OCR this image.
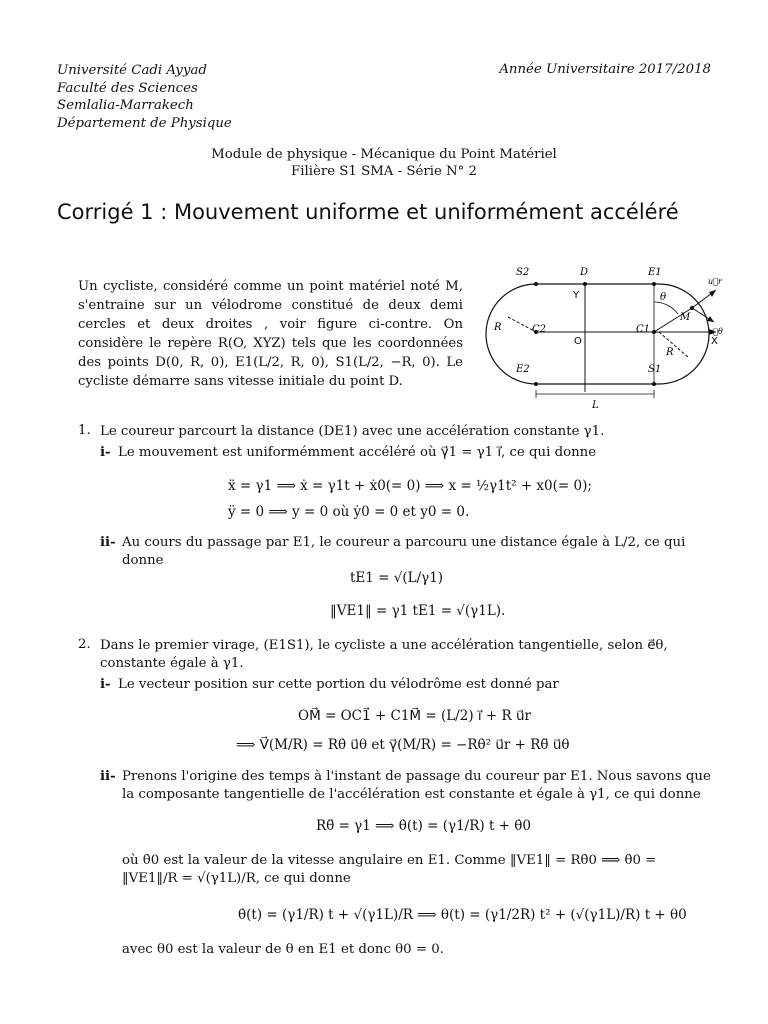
Université Cadi Ayyad
Faculté des Sciences
Semlalia-Marrakech
Département de Physique
Année Universitaire 2017/2018
Module de physique - Mécanique du Point Matériel
Filière S1 SMA - Série N° 2
Corrigé 1 : Mouvement uniforme et uniformément accéléré
Un cycliste, considéré comme un point matériel noté M, s'entraine sur un vélodrome constitué de deux demi cercles et deux droites , voir figure ci-contre. On considère le repère R(O, XYZ) tels que les coordonnées des points D(0, R, 0), E1(L/2, R, 0), S1(L/2, −R, 0). Le cycliste démarre sans vitesse initiale du point D.
S2	D	E1
Y	θ
M
R	C2
O
C1
X
R
E2	S1
L
u⃗r
u⃗θ
1. Le coureur parcourt la distance (DE1) avec une accélération constante γ1.
i- Le mouvement est uniformémment accéléré où γ⃗1 = γ1 i⃗, ce qui donne
ẍ = γ1 ⟹ ẋ = γ1t + ẋ0(= 0) ⟹ x = ½γ1t² + x0(= 0);
ÿ = 0 ⟹ y = 0 où ẏ0 = 0 et y0 = 0.
ii- Au cours du passage par E1, le coureur a parcouru une distance égale à L/2, ce qui donne
tE1 = √(L/γ1)
‖VE1‖ = γ1 tE1 = √(γ1L).
2. Dans le premier virage, (E1S1), le cycliste a une accélération tangentielle, selon e⃗θ, constante égale à γ1.
i- Le vecteur position sur cette portion du vélodrôme est donné par
OM⃗ = OC1⃗ + C1M⃗ = (L/2) i⃗ + R u⃗r
⟹ V⃗(M/R) = Rθ̇ u⃗θ et γ⃗(M/R) = −Rθ̇² u⃗r + Rθ̈ u⃗θ
ii- Prenons l'origine des temps à l'instant de passage du coureur par E1. Nous savons que la composante tangentielle de l'accélération est constante et égale à γ1, ce qui donne
Rθ̈ = γ1 ⟹ θ̇(t) = (γ1/R) t + θ̇0
où θ̇0 est la valeur de la vitesse angulaire en E1. Comme ‖VE1‖ = Rθ̇0 ⟹ θ̇0 = ‖VE1‖/R = √(γ1L)/R, ce qui donne
θ̇(t) = (γ1/R) t + √(γ1L)/R ⟹ θ(t) = (γ1/2R) t² + (√(γ1L)/R) t + θ0
avec θ0 est la valeur de θ en E1 et donc θ0 = 0.
